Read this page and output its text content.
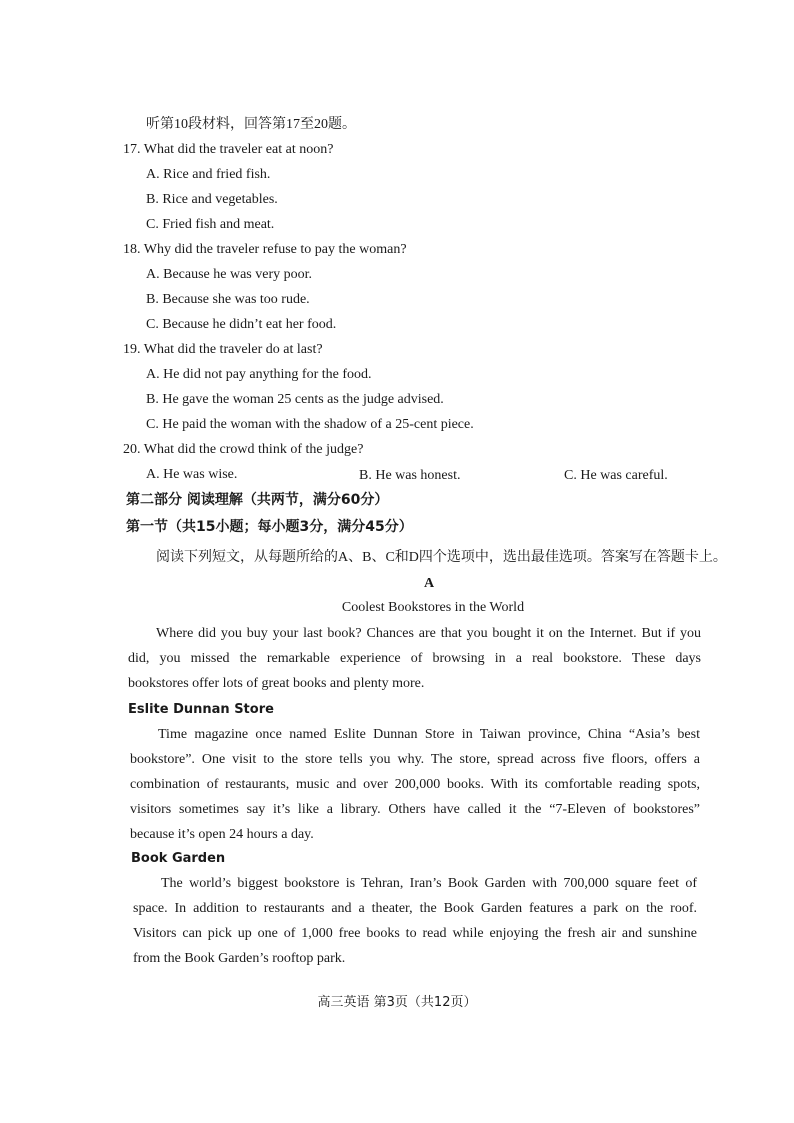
听第10段材料，回答第17至20题。
17. What did the traveler eat at noon?
A. Rice and fried fish.
B. Rice and vegetables.
C. Fried fish and meat.
18. Why did the traveler refuse to pay the woman?
A. Because he was very poor.
B. Because she was too rude.
C. Because he didn’t eat her food.
19. What did the traveler do at last?
A. He did not pay anything for the food.
B. He gave the woman 25 cents as the judge advised.
C. He paid the woman with the shadow of a 25-cent piece.
20. What did the crowd think of the judge?
A. He was wise.	B. He was honest.	C. He was careful.
第二部分 阅读理解（共两节，满分60分）
第一节（共15小题；每小题3分，满分45分）
阅读下列短文，从每题所给的A、B、C和D四个选项中，选出最佳选项。答案写在答题卡上。
A
Coolest Bookstores in the World
Where did you buy your last book? Chances are that you bought it on the Internet. But if you
did, you missed the remarkable experience of browsing in a real bookstore. These days
bookstores offer lots of great books and plenty more.
Eslite Dunnan Store
Time magazine once named Eslite Dunnan Store in Taiwan province, China “Asia’s best
bookstore”. One visit to the store tells you why. The store, spread across five floors, offers a
combination of restaurants, music and over 200,000 books. With its comfortable reading spots,
visitors sometimes say it’s like a library. Others have called it the “7-Eleven of bookstores”
because it’s open 24 hours a day.
Book Garden
The world’s biggest bookstore is Tehran, Iran’s Book Garden with 700,000 square feet of
space. In addition to restaurants and a theater, the Book Garden features a park on the roof.
Visitors can pick up one of 1,000 free books to read while enjoying the fresh air and sunshine
from the Book Garden’s rooftop park.
高三英语 第3页（共12页）
